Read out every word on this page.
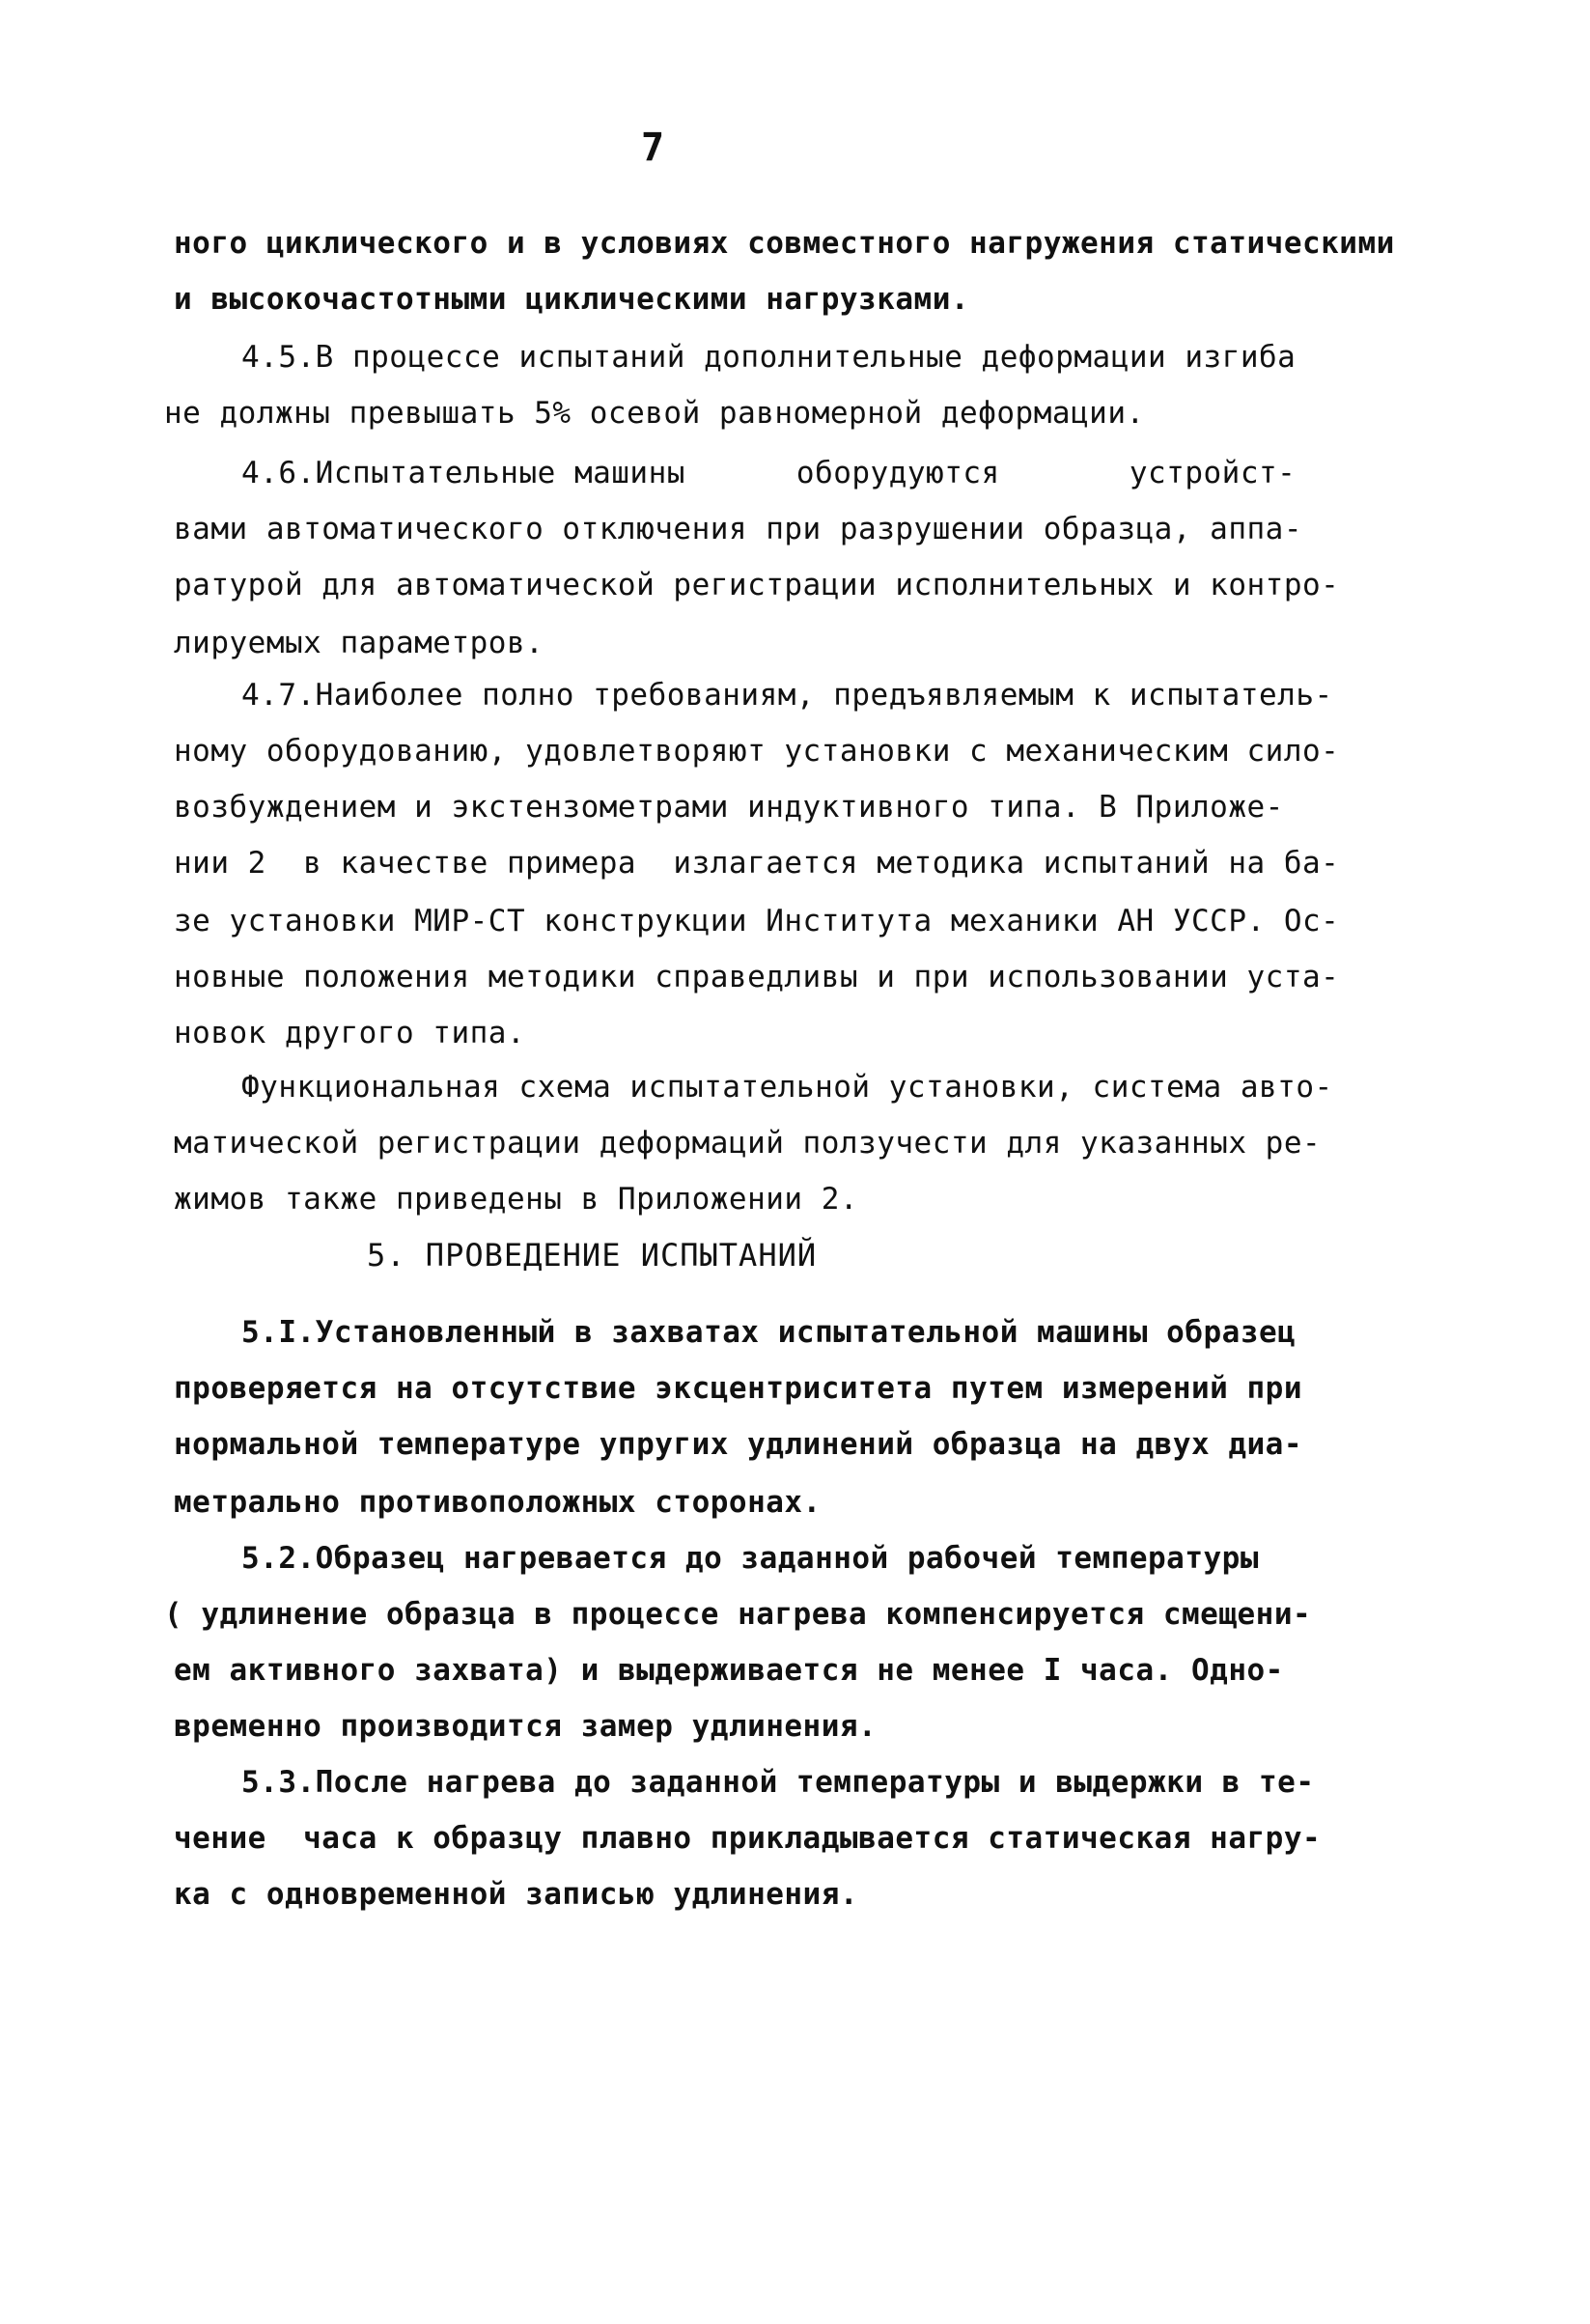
7
ного циклического и в условиях совместного нагружения статическими
и высокочастотными циклическими нагрузками.
4.5.В процессе испытаний дополнительные деформации изгиба
не должны превышать 5% осевой равномерной деформации.
4.6.Испытательные машины      оборудуются       устройст-
вами автоматического отключения при разрушении образца, аппа-
ратурой для автоматической регистрации исполнительных и контро-
лируемых параметров.
4.7.Наиболее полно требованиям, предъявляемым к испытатель-
ному оборудованию, удовлетворяют установки с механическим сило-
возбуждением и экстензометрами индуктивного типа. В Приложе-
нии 2  в качестве примера  излагается методика испытаний на ба-
зе установки МИР-СТ конструкции Института механики АН УССР. Ос-
новные положения методики справедливы и при использовании уста-
новок другого типа.
Функциональная схема испытательной установки, система авто-
матической регистрации деформаций ползучести для указанных ре-
жимов также приведены в Приложении 2.
5. ПРОВЕДЕНИЕ ИСПЫТАНИЙ
5.I.Установленный в захватах испытательной машины образец
проверяется на отсутствие эксцентриситета путем измерений при
нормальной температуре упругих удлинений образца на двух диа-
метрально противоположных сторонах.
5.2.Образец нагревается до заданной рабочей температуры
( удлинение образца в процессе нагрева компенсируется смещени-
ем активного захвата) и выдерживается не менее I часа. Одно-
временно производится замер удлинения.
5.3.После нагрева до заданной температуры и выдержки в те-
чение  часа к образцу плавно прикладывается статическая нагру-
ка с одновременной записью удлинения.
